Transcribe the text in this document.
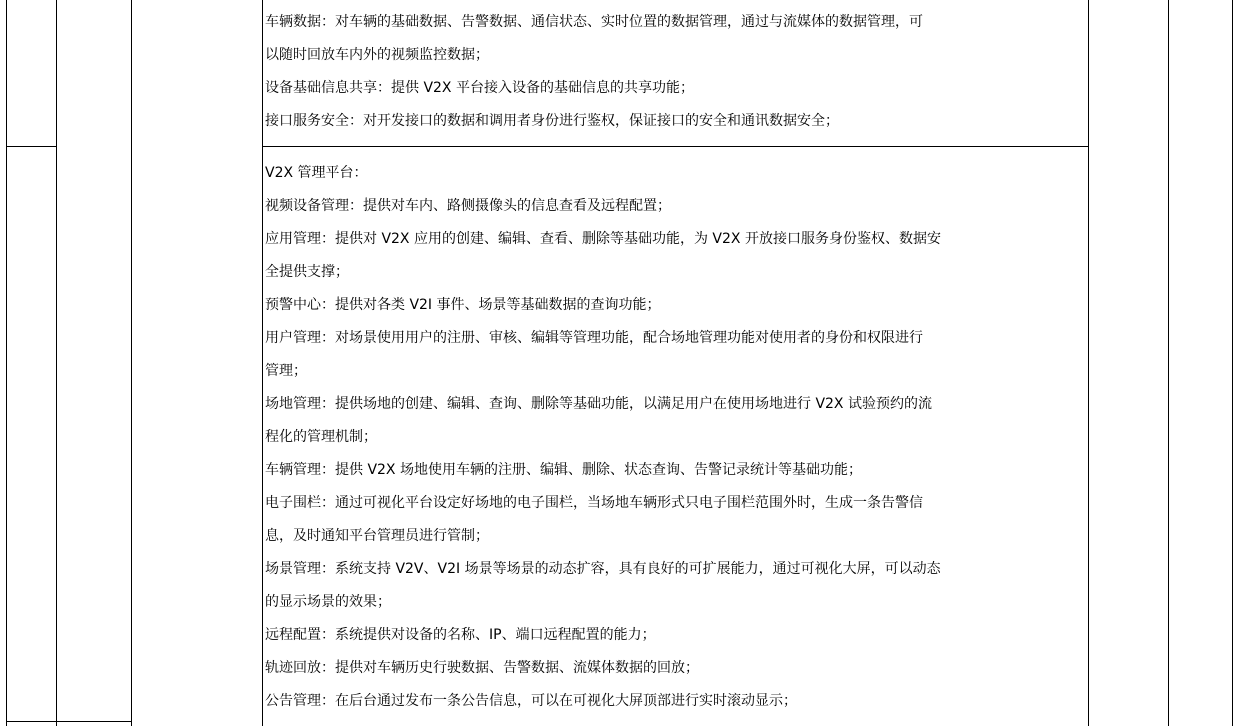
车辆数据：对车辆的基础数据、告警数据、通信状态、实时位置的数据管理，通过与流媒体的数据管理，可
以随时回放车内外的视频监控数据；
设备基础信息共享：提供 V2X 平台接入设备的基础信息的共享功能；
接口服务安全：对开发接口的数据和调用者身份进行鉴权，保证接口的安全和通讯数据安全；
V2X 管理平台：
视频设备管理：提供对车内、路侧摄像头的信息查看及远程配置；
应用管理：提供对 V2X 应用的创建、编辑、查看、删除等基础功能，为 V2X 开放接口服务身份鉴权、数据安
全提供支撑；
预警中心：提供对各类 V2I 事件、场景等基础数据的查询功能；
用户管理：对场景使用用户的注册、审核、编辑等管理功能，配合场地管理功能对使用者的身份和权限进行
管理；
场地管理：提供场地的创建、编辑、查询、删除等基础功能，以满足用户在使用场地进行 V2X 试验预约的流
程化的管理机制；
车辆管理：提供 V2X 场地使用车辆的注册、编辑、删除、状态查询、告警记录统计等基础功能；
电子围栏：通过可视化平台设定好场地的电子围栏，当场地车辆形式只电子围栏范围外时，生成一条告警信
息，及时通知平台管理员进行管制；
场景管理：系统支持 V2V、V2I 场景等场景的动态扩容，具有良好的可扩展能力，通过可视化大屏，可以动态
的显示场景的效果；
远程配置：系统提供对设备的名称、IP、端口远程配置的能力；
轨迹回放：提供对车辆历史行驶数据、告警数据、流媒体数据的回放；
公告管理：在后台通过发布一条公告信息，可以在可视化大屏顶部进行实时滚动显示；
